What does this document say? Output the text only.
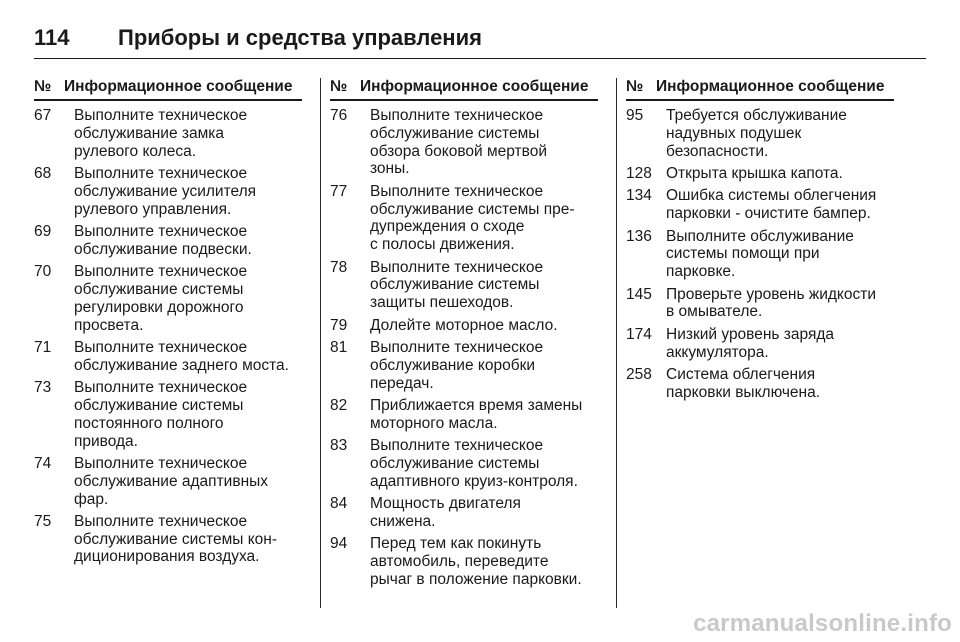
114	Приборы и средства управления
№ Информационное сообщение
67	Выполните техническое
обслуживание замка
рулевого колеса.
68	Выполните техническое
обслуживание усилителя
рулевого управления.
69	Выполните техническое
обслуживание подвески.
70	Выполните техническое
обслуживание системы
регулировки дорожного
просвета.
71	Выполните техническое
обслуживание заднего моста.
73	Выполните техническое
обслуживание системы
постоянного полного
привода.
74	Выполните техническое
обслуживание адаптивных
фар.
75	Выполните техническое
обслуживание системы кон-
диционирования воздуха.
№ Информационное сообщение
76	Выполните техническое
обслуживание системы
обзора боковой мертвой
зоны.
77	Выполните техническое
обслуживание системы пре-
дупреждения о сходе
с полосы движения.
78	Выполните техническое
обслуживание системы
защиты пешеходов.
79	Долейте моторное масло.
81	Выполните техническое
обслуживание коробки
передач.
82	Приближается время замены
моторного масла.
83	Выполните техническое
обслуживание системы
адаптивного круиз-контроля.
84	Мощность двигателя
снижена.
94	Перед тем как покинуть
автомобиль, переведите
рычаг в положение парковки.
№ Информационное сообщение
95	Требуется обслуживание
надувных подушек
безопасности.
128 Открыта крышка капота.
134 Ошибка системы облегчения
парковки - очистите бампер.
136 Выполните обслуживание
системы помощи при
парковке.
145 Проверьте уровень жидкости
в омывателе.
174 Низкий уровень заряда
аккумулятора.
258 Система облегчения
парковки выключена.
carmanualsonline.info
